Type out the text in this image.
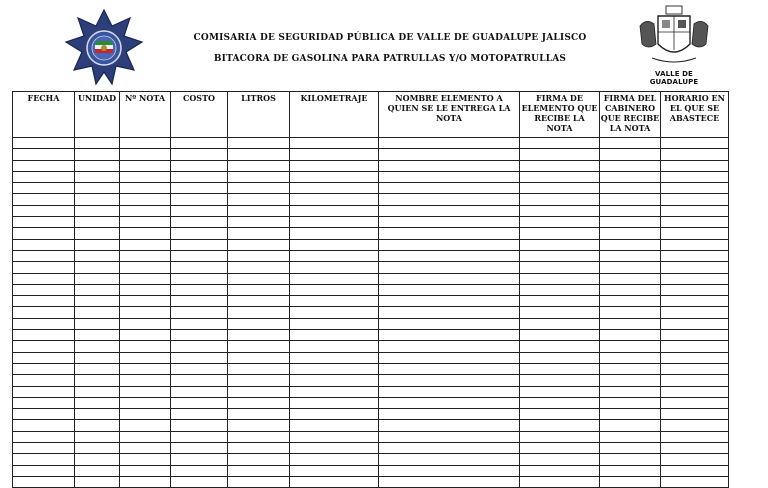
COMISARIA DE SEGURIDAD PÚBLICA DE VALLE DE GUADALUPE JALISCO
BITACORA DE GASOLINA PARA PATRULLAS Y/O MOTOPATRULLAS
VALLE DE GUADALUPE
FECHA	UNIDAD	Nº NOTA	COSTO	LITROS	KILOMETRAJE	NOMBRE ELEMENTO A QUIEN SE LE ENTREGA LA NOTA	FIRMA DE ELEMENTO QUE RECIBE LA NOTA	FIRMA DEL CABINERO QUE RECIBE LA NOTA	HORARIO EN EL QUE SE ABASTECE
